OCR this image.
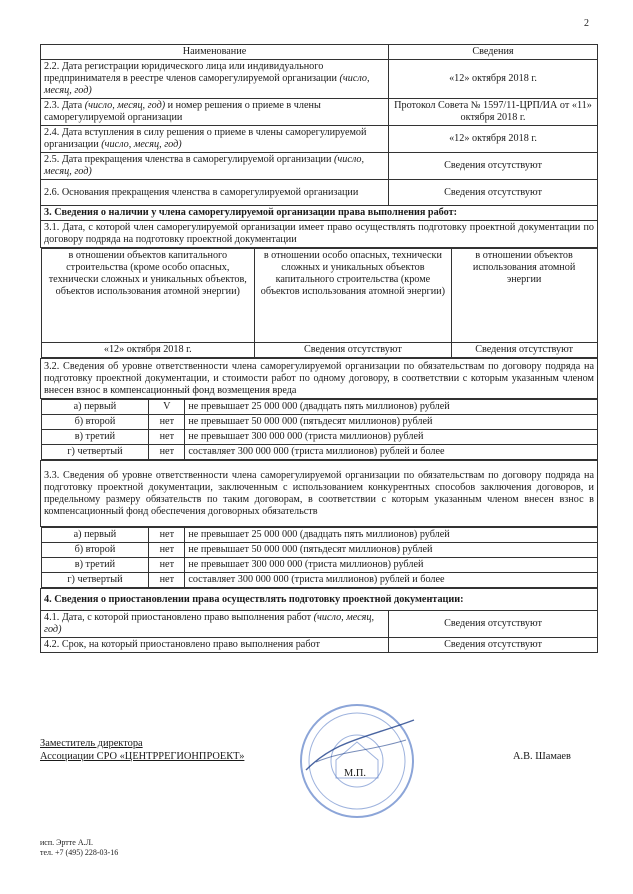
2
Наименование	Сведения
2.2. Дата регистрации юридического лица или индивидуального предпринимателя в реестре членов саморегулируемой организации (число, месяц, год)	«12» октября 2018 г.
2.3. Дата (число, месяц, год) и номер решения о приеме в члены саморегулируемой организации	Протокол Совета № 1597/11-ЦРП/ИА от «11» октября 2018 г.
2.4. Дата вступления в силу решения о приеме в члены саморегулируемой организации (число, месяц, год)	«12» октября 2018 г.
2.5. Дата прекращения членства в саморегулируемой организации (число, месяц, год)	Сведения отсутствуют
2.6. Основания прекращения членства в саморегулируемой организации	Сведения отсутствуют
3. Сведения о наличии у члена саморегулируемой организации права выполнения работ:
3.1. Дата, с которой член саморегулируемой организации имеет право осуществлять подготовку проектной документации по договору подряда на подготовку проектной документации

в отношении объектов капитального строительства (кроме особо опасных, технически сложных и уникальных объектов, объектов использования атомной энергии)	в отношении особо опасных, технически сложных и уникальных объектов капитального строительства (кроме объектов использования атомной энергии)	в отношении объектов использования атомной энергии
«12» октября 2018 г.	Сведения отсутствуют	Сведения отсутствуют

3.2. Сведения об уровне ответственности члена саморегулируемой организации по обязательствам по договору подряда на подготовку проектной документации, и стоимости работ по одному договору, в соответствии с которым указанным членом внесен взнос в компенсационный фонд возмещения вреда

а) первый	V	не превышает 25 000 000 (двадцать пять миллионов) рублей
б) второй	нет	не превышает 50 000 000 (пятьдесят миллионов) рублей
в) третий	нет	не превышает 300 000 000 (триста миллионов) рублей
г) четвертый	нет	составляет 300 000 000 (триста миллионов) рублей и более

3.3. Сведения об уровне ответственности члена саморегулируемой организации по обязательствам по договору подряда на подготовку проектной документации, заключенным с использованием конкурентных способов заключения договоров, и предельному размеру обязательств по таким договорам, в соответствии с которым указанным членом внесен взнос в компенсационный фонд обеспечения договорных обязательств

а) первый	нет	не превышает 25 000 000 (двадцать пять миллионов) рублей
б) второй	нет	не превышает 50 000 000 (пятьдесят миллионов) рублей
в) третий	нет	не превышает 300 000 000 (триста миллионов) рублей
г) четвертый	нет	составляет 300 000 000 (триста миллионов) рублей и более

4. Сведения о приостановлении права осуществлять подготовку проектной документации:
4.1. Дата, с которой приостановлено право выполнения работ (число, месяц, год)	Сведения отсутствуют
4.2. Срок, на который приостановлено право выполнения работ	Сведения отсутствуют
Заместитель директора
Ассоциации СРО «ЦЕНТРРЕГИОНПРОЕКТ»	А.В. Шамаев
М.П.
исп. Эртте А.Л.
тел. +7 (495) 228-03-16
